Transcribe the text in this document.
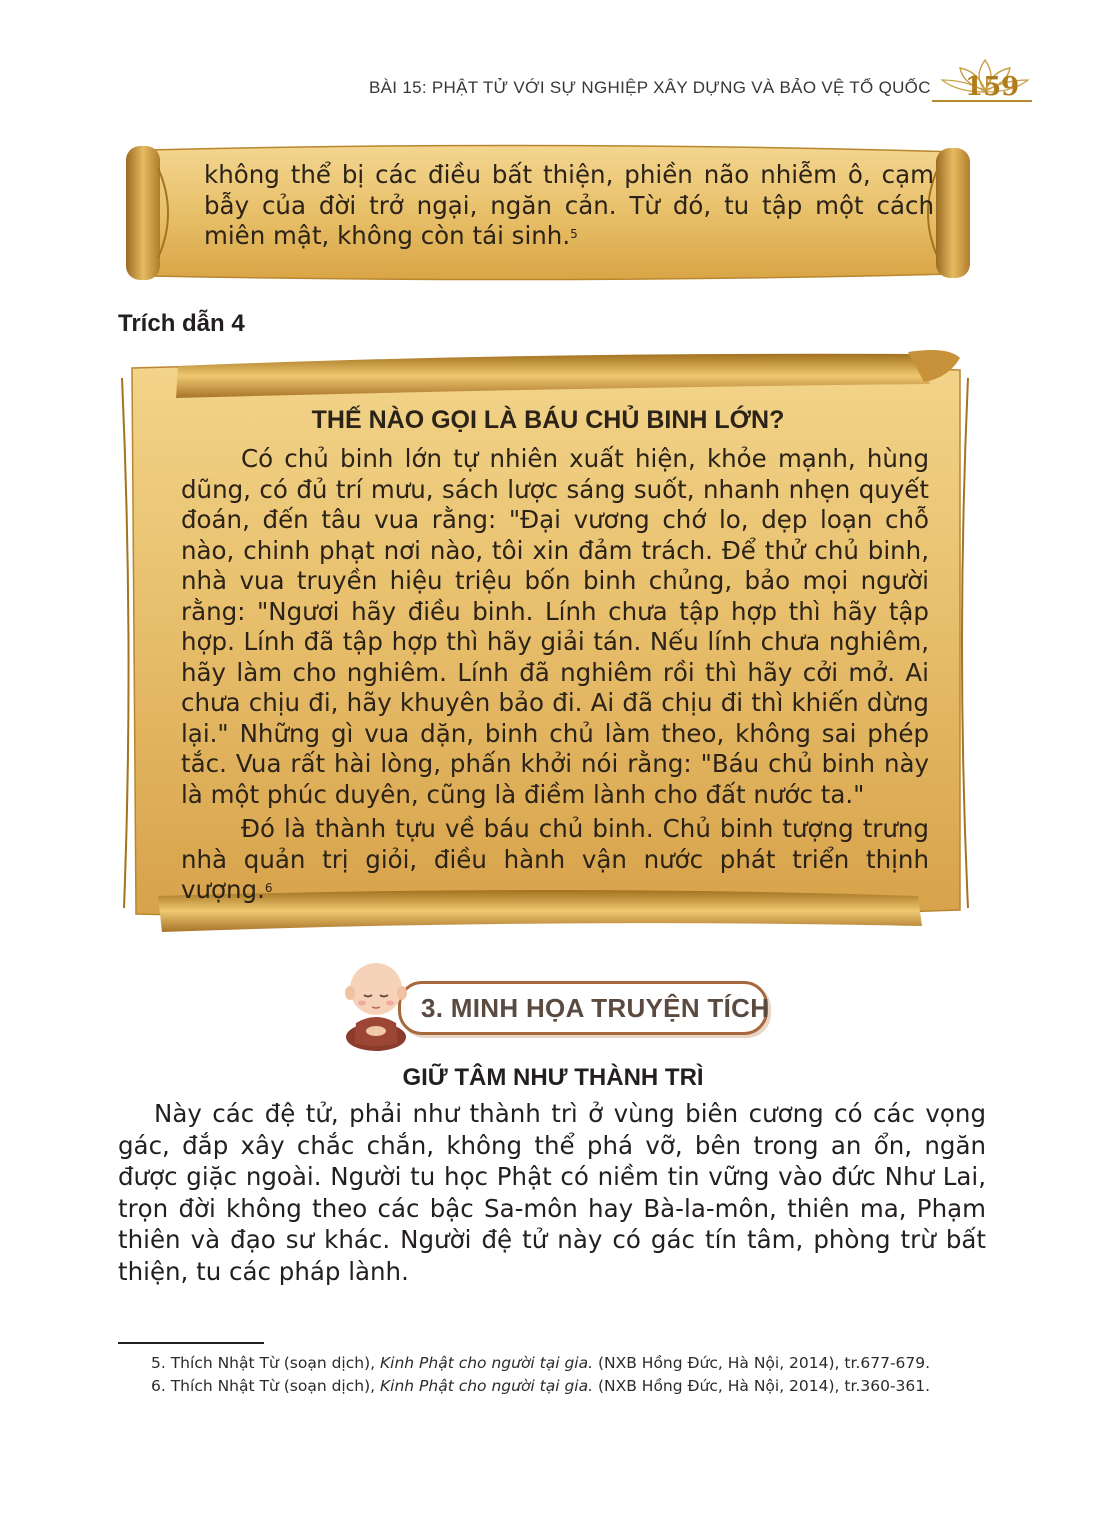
BÀI 15: PHẬT TỬ VỚI SỰ NGHIỆP XÂY DỰNG VÀ BẢO VỆ TỔ QUỐC 159
không thể bị các điều bất thiện, phiền não nhiễm ô, cạm bẫy của đời trở ngại, ngăn cản. Từ đó, tu tập một cách miên mật, không còn tái sinh.$^5$
Trích dẫn 4
THẾ NÀO GỌI LÀ BÁU CHỦ BINH LỚN?

Có chủ binh lớn tự nhiên xuất hiện, khỏe mạnh, hùng dũng, có đủ trí mưu, sách lược sáng suốt, nhanh nhẹn quyết đoán, đến tâu vua rằng: "Đại vương chớ lo, dẹp loạn chỗ nào, chinh phạt nơi nào, tôi xin đảm trách. Để thử chủ binh, nhà vua truyền hiệu triệu bốn binh chủng, bảo mọi người rằng: "Ngươi hãy điều binh. Lính chưa tập hợp thì hãy tập hợp. Lính đã tập hợp thì hãy giải tán. Nếu lính chưa nghiêm, hãy làm cho nghiêm. Lính đã nghiêm rồi thì hãy cởi mở. Ai chưa chịu đi, hãy khuyên bảo đi. Ai đã chịu đi thì khiến dừng lại." Những gì vua dặn, binh chủ làm theo, không sai phép tắc. Vua rất hài lòng, phấn khởi nói rằng: "Báu chủ binh này là một phúc duyên, cũng là điềm lành cho đất nước ta."

Đó là thành tựu về báu chủ binh. Chủ binh tượng trưng nhà quản trị giỏi, điều hành vận nước phát triển thịnh vượng.$^6$

3. MINH HỌA TRUYỆN TÍCH
GIỮ TÂM NHƯ THÀNH TRÌ

Này các đệ tử, phải như thành trì ở vùng biên cương có các vọng gác, đắp xây chắc chắn, không thể phá vỡ, bên trong an ổn, ngăn được giặc ngoài. Người tu học Phật có niềm tin vững vào đức Như Lai, trọn đời không theo các bậc Sa-môn hay Bà-la-môn, thiên ma, Phạm thiên và đạo sư khác. Người đệ tử này có gác tín tâm, phòng trừ bất thiện, tu các pháp lành.

5. Thích Nhật Từ (soạn dịch), Kinh Phật cho người tại gia. (NXB Hồng Đức, Hà Nội, 2014), tr.677-679.

6. Thích Nhật Từ (soạn dịch), Kinh Phật cho người tại gia. (NXB Hồng Đức, Hà Nội, 2014), tr.360-361.
